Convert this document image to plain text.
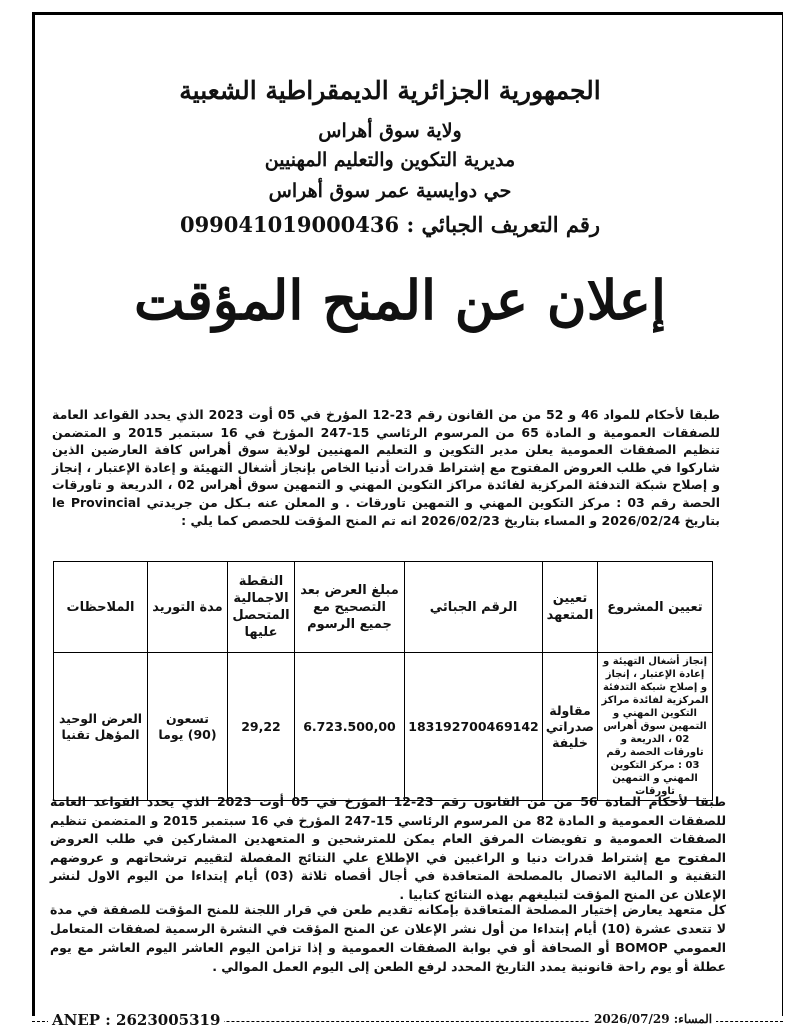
الجمهورية الجزائرية الديمقراطية الشعبية
ولاية سوق أهراس
مديرية التكوين والتعليم المهنيين
حي دوايسية عمر سوق أهراس
رقم التعريف الجبائي : 099041019000436
إعلان عن المنح المؤقت
طبقا لأحكام للمواد 46 و 52 من من القانون رقم 23-12 المؤرخ في 05 أوت 2023 الذي يحدد القواعد العامة للصفقات العمومية و المادة 65 من المرسوم الرئاسي 15-247 المؤرخ في 16 سبتمبر 2015 و المتضمن تنظيم الصفقات العمومية يعلن مدير التكوين و التعليم المهنيين لولاية سوق أهراس كافة العارضين الذين شاركوا في طلب العروض المفتوح مع إشتراط قدرات أدنيا الخاص بإنجاز أشغال التهيئة و إعادة الإعتبار ، إنجاز و إصلاح شبكة التدفئة المركزية لفائدة مراكز التكوين المهني و التمهين سوق أهراس 02 ، الدريعة و تاورقات الحصة رقم 03 : مركز التكوين المهني و التمهين تاورقات . و المعلن عنه بـكل من جريدتي le Provincial بتاريخ 2026/02/24 و المساء بتاريخ 2026/02/23 انه تم المنح المؤقت للحصص كما يلي :
تعيين المشروع	تعيين المتعهد	الرقم الجبائي	مبلغ العرض بعد التصحيح مع جميع الرسوم	النقطة الاجمالية المتحصل عليها	مدة التوريد	الملاحظات
إنجاز أشغال التهيئة و إعادة الإعتبار ، إنجاز و إصلاح شبكة التدفئة المركزية لفائدة مراكز التكوين المهني و التمهين سوق أهراس 02 ، الدريعة و تاورقات الحصة رقم 03 : مركز التكوين المهني و التمهين تاورقات	مقاولة صدراتي خليفة	183192700469142	6.723.500,00	29,22	تسعون (90) يوما	العرض الوحيد المؤهل تقنيا
طبقا لأحكام المادة 56 من من القانون رقم 23-12 المؤرخ في 05 أوت 2023 الذي يحدد القواعد العامة للصفقات العمومية و المادة 82 من المرسوم الرئاسي 15-247 المؤرخ في 16 سبتمبر 2015 و المتضمن تنظيم الصفقات العمومية و تفويضات المرفق العام يمكن للمترشحين و المتعهدين المشاركين في طلب العروض المفتوح مع إشتراط قدرات دنيا و الراغبين في الإطلاع علي النتائج المفصلة لتقييم ترشحاتهم و عروضهم التقنية و المالية الاتصال بالمصلحة المتعاقدة في أجال أقصاه ثلاثة (03) أيام إبتداءا من اليوم الاول لنشر الإعلان عن المنح المؤقت لتبليغهم بهذه النتائج كتابيا .
كل متعهد يعارض إختيار المصلحة المتعاقدة بإمكانه تقديم طعن في قرار اللجنة للمنح المؤقت للصفقة في مدة لا تتعدى عشرة (10) أيام إبتداءا من أول نشر الإعلان عن المنح المؤقت في النشرة الرسمية لصفقات المتعامل العمومي BOMOP أو الصحافة أو في بوابة الصفقات العمومية و إذا تزامن اليوم العاشر اليوم العاشر مع يوم عطلة أو يوم راحة قانونية يمدد التاريخ المحدد لرفع الطعن إلى اليوم العمل الموالي .
ANEP : 2623005319	المساء: 2026/07/29
